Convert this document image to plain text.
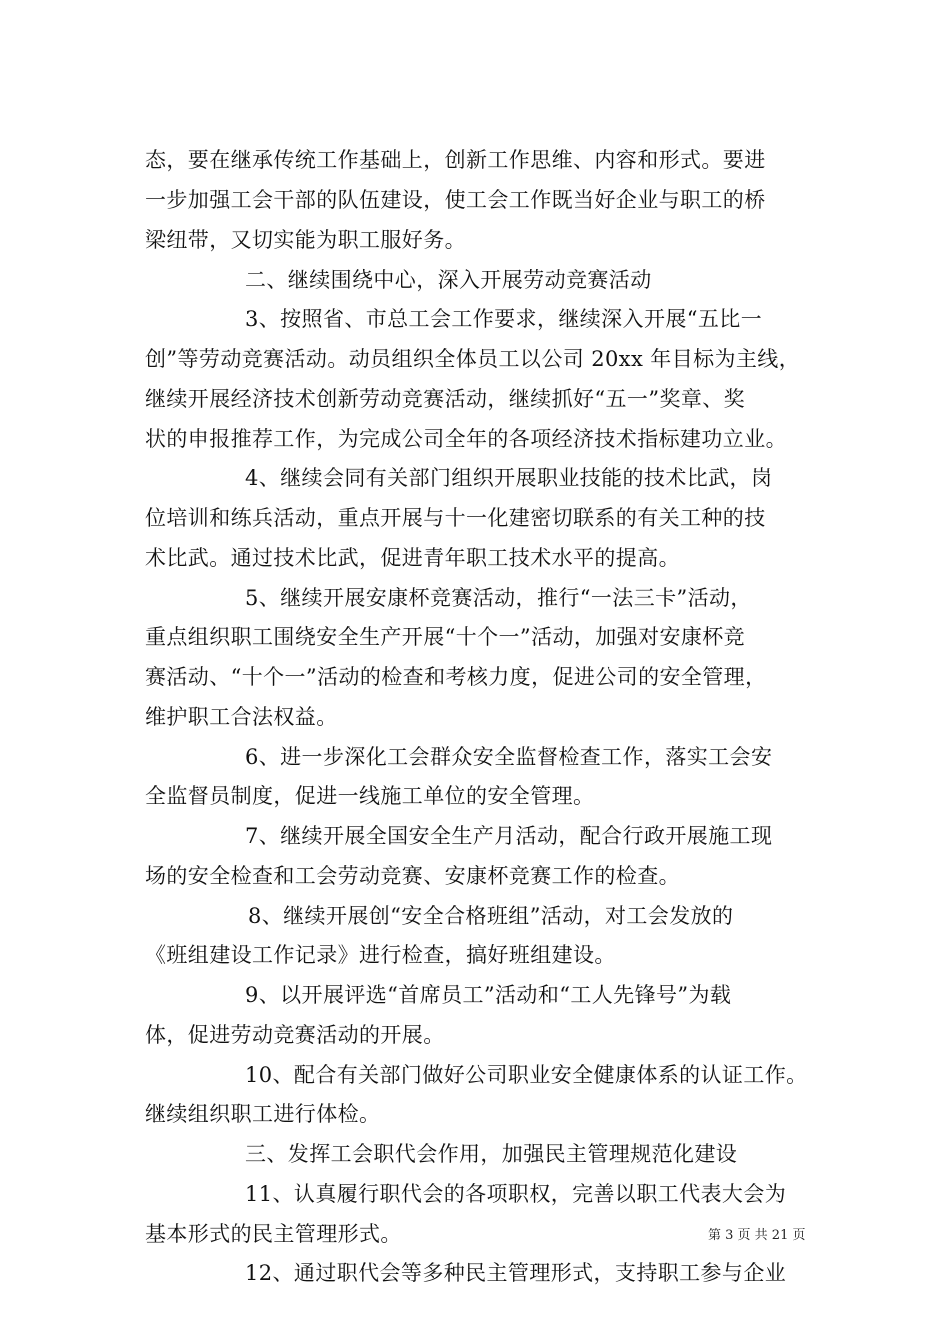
态，要在继承传统工作基础上，创新工作思维、内容和形式。要进
一步加强工会干部的队伍建设，使工会工作既当好企业与职工的桥
梁纽带，又切实能为职工服好务。
二、继续围绕中心，深入开展劳动竞赛活动
3、按照省、市总工会工作要求，继续深入开展“五比一
创”等劳动竞赛活动。动员组织全体员工以公司 20xx 年目标为主线，
继续开展经济技术创新劳动竞赛活动，继续抓好“五一”奖章、奖
状的申报推荐工作，为完成公司全年的各项经济技术指标建功立业。
4、继续会同有关部门组织开展职业技能的技术比武，岗
位培训和练兵活动，重点开展与十一化建密切联系的有关工种的技
术比武。通过技术比武，促进青年职工技术水平的提高。
5、继续开展安康杯竞赛活动，推行“一法三卡”活动，
重点组织职工围绕安全生产开展“十个一”活动，加强对安康杯竞
赛活动、“十个一”活动的检查和考核力度，促进公司的安全管理，
维护职工合法权益。
6、进一步深化工会群众安全监督检查工作，落实工会安
全监督员制度，促进一线施工单位的安全管理。
7、继续开展全国安全生产月活动，配合行政开展施工现
场的安全检查和工会劳动竞赛、安康杯竞赛工作的检查。
8、继续开展创“安全合格班组”活动，对工会发放的
《班组建设工作记录》进行检查，搞好班组建设。
9、以开展评选“首席员工”活动和“工人先锋号”为载
体，促进劳动竞赛活动的开展。
10、配合有关部门做好公司职业安全健康体系的认证工作。
继续组织职工进行体检。
三、发挥工会职代会作用，加强民主管理规范化建设
11、认真履行职代会的各项职权，完善以职工代表大会为
基本形式的民主管理形式。
12、通过职代会等多种民主管理形式，支持职工参与企业
第 3 页 共 21 页
